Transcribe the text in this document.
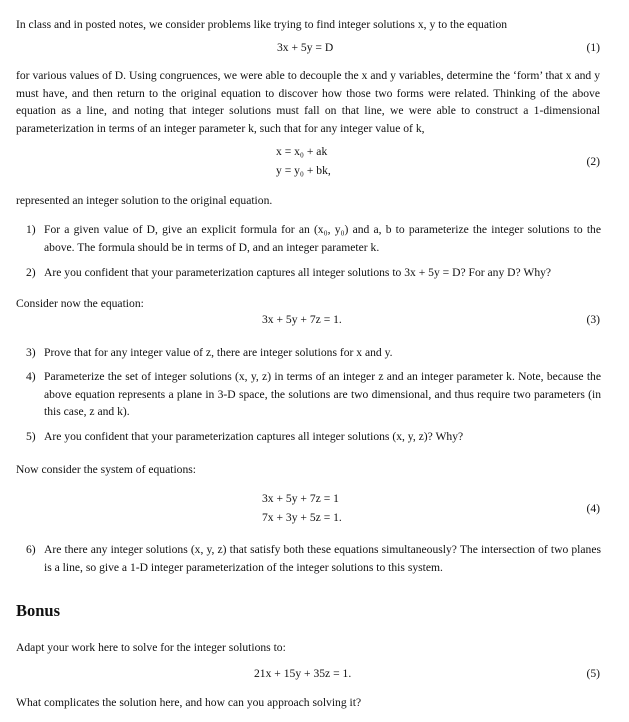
In class and in posted notes, we consider problems like trying to find integer solutions x, y to the equation
3x + 5y = D	(1)
for various values of D. Using congruences, we were able to decouple the x and y variables, determine the ‘form’ that x and y must have, and then return to the original equation to discover how those two forms were related. Thinking of the above equation as a line, and noting that integer solutions must fall on that line, we were able to construct a 1-dimensional parameterization in terms of an integer parameter k, such that for any integer value of k,
x = x₀ + ak
y = y₀ + bk,
(2)
represented an integer solution to the original equation.
1) For a given value of D, give an explicit formula for an (x₀, y₀) and a, b to parameterize the integer solutions to the above. The formula should be in terms of D, and an integer parameter k.
2) Are you confident that your parameterization captures all integer solutions to 3x + 5y = D? For any D? Why?
Consider now the equation:
3x + 5y + 7z = 1.	(3)
3) Prove that for any integer value of z, there are integer solutions for x and y.
4) Parameterize the set of integer solutions (x, y, z) in terms of an integer z and an integer parameter k. Note, because the above equation represents a plane in 3-D space, the solutions are two dimensional, and thus require two parameters (in this case, z and k).
5) Are you confident that your parameterization captures all integer solutions (x, y, z)? Why?
Now consider the system of equations:
3x + 5y + 7z = 1
7x + 3y + 5z = 1.
(4)
6) Are there any integer solutions (x, y, z) that satisfy both these equations simultaneously? The intersection of two planes is a line, so give a 1-D integer parameterization of the integer solutions to this system.
Bonus
Adapt your work here to solve for the integer solutions to:
21x + 15y + 35z = 1.	(5)
What complicates the solution here, and how can you approach solving it?
